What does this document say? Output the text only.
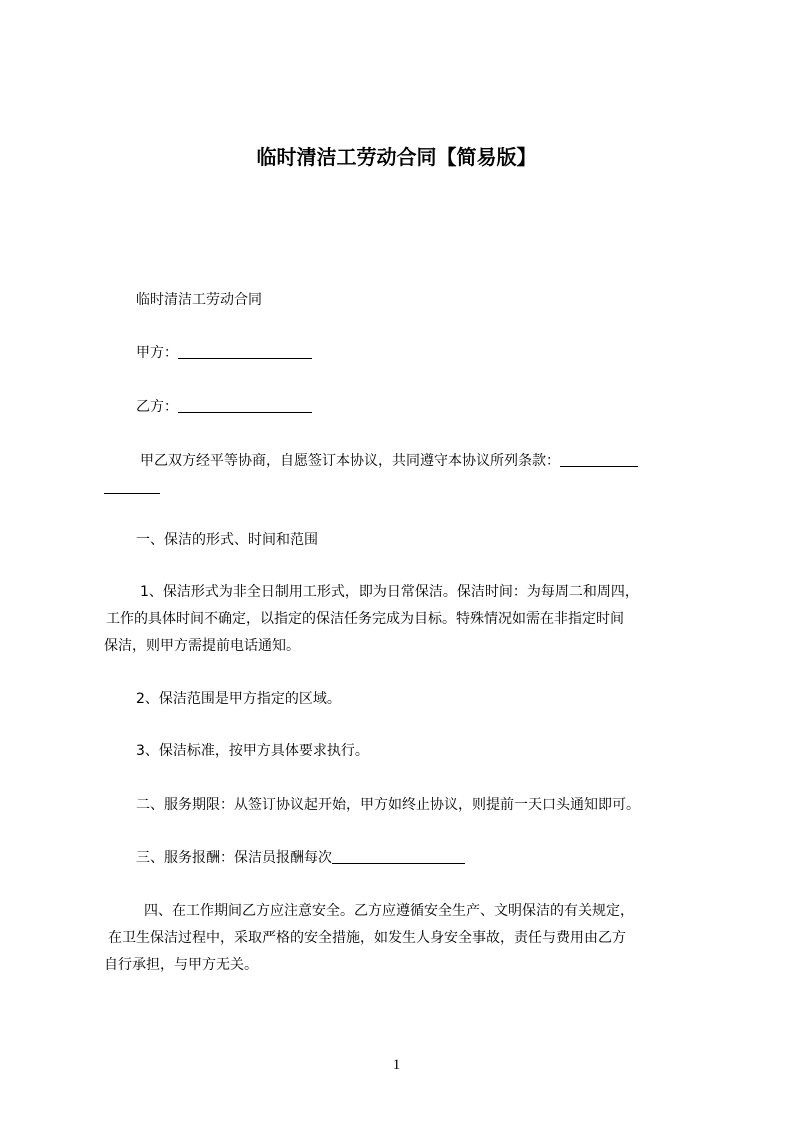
临时清洁工劳动合同【简易版】
临时清洁工劳动合同
甲方：
乙方：
甲乙双方经平等协商，自愿签订本协议，共同遵守本协议所列条款：
一、保洁的形式、时间和范围
1、保洁形式为非全日制用工形式，即为日常保洁。保洁时间：为每周二和周四，
工作的具体时间不确定，以指定的保洁任务完成为目标。特殊情况如需在非指定时间
保洁，则甲方需提前电话通知。
2、保洁范围是甲方指定的区域。
3、保洁标准，按甲方具体要求执行。
二、服务期限：从签订协议起开始，甲方如终止协议，则提前一天口头通知即可。
三、服务报酬：保洁员报酬每次
四、在工作期间乙方应注意安全。乙方应遵循安全生产、文明保洁的有关规定，
在卫生保洁过程中，采取严格的安全措施，如发生人身安全事故，责任与费用由乙方
自行承担，与甲方无关。
1
